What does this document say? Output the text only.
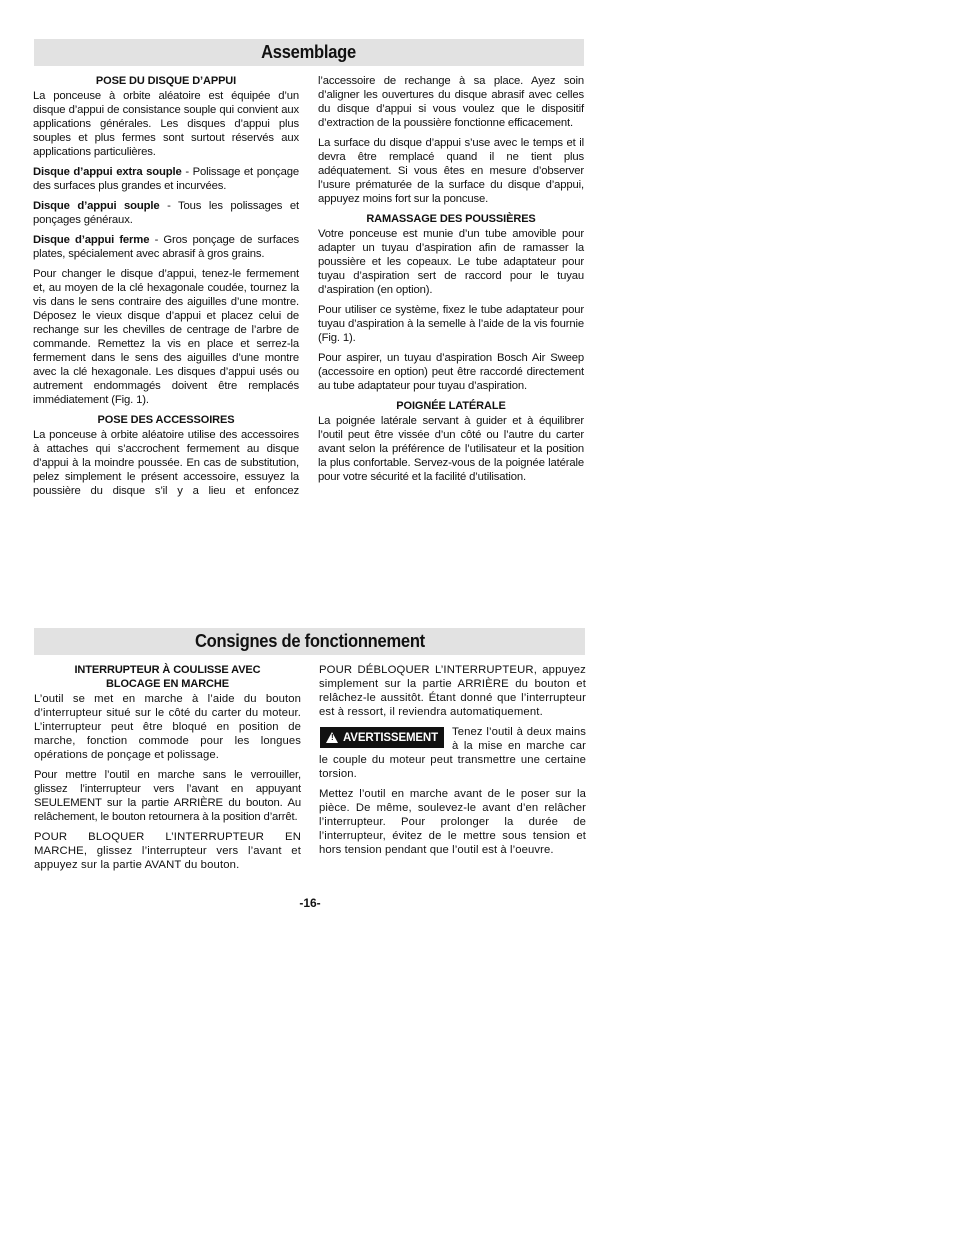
Assemblage
POSE DU DISQUE D’APPUI

La ponceuse à orbite aléatoire est équipée d’un disque d’appui de consistance souple qui convient aux applications générales. Les disques d’appui plus souples et plus fermes sont surtout réservés aux applications particulières.

Disque d’appui extra souple - Polissage et ponçage des surfaces plus grandes et incurvées.

Disque d’appui souple - Tous les polissages et ponçages généraux.

Disque d’appui ferme - Gros ponçage de surfaces plates, spécialement avec abrasif à gros grains.

Pour changer le disque d’appui, tenez-le fermement et, au moyen de la clé hexagonale coudée, tournez la vis dans le sens contraire des aiguilles d’une montre. Déposez le vieux disque d’appui et placez celui de rechange sur les chevilles de centrage de l’arbre de commande. Remettez la vis en place et serrez-la fermement dans le sens des aiguilles d’une montre avec la clé hexagonale. Les disques d’appui usés ou autrement endommagés doivent être remplacés immédiatement (Fig. 1).

POSE DES ACCESSOIRES

La ponceuse à orbite aléatoire utilise des accessoires à attaches qui s’accrochent fermement au disque d’appui à la moindre poussée. En cas de substitution, pelez simplement le présent accessoire, essuyez la poussière du disque s’il y a lieu et enfoncez

l’accessoire de rechange à sa place. Ayez soin d’aligner les ouvertures du disque abrasif avec celles du disque d’appui si vous voulez que le dispositif d’extraction de la poussière fonctionne efficacement.

La surface du disque d’appui s’use avec le temps et il devra être remplacé quand il ne tient plus adéquatement. Si vous êtes en mesure d’observer l’usure prématurée de la surface du disque d’appui, appuyez moins fort sur la poncuse.

RAMASSAGE DES POUSSIÈRES

Votre ponceuse est munie d’un tube amovible pour adapter un tuyau d’aspiration afin de ramasser la poussière et les copeaux. Le tube adaptateur pour tuyau d’aspiration sert de raccord pour le tuyau d’aspiration (en option).

Pour utiliser ce système, fixez le tube adaptateur pour tuyau d’aspiration à la semelle à l’aide de la vis fournie (Fig. 1).

Pour aspirer, un tuyau d’aspiration Bosch Air Sweep (accessoire en option) peut être raccordé directement au tube adaptateur pour tuyau d’aspiration.

POIGNÉE LATÉRALE

La poignée latérale servant à guider et à équilibrer l’outil peut être vissée d’un côté ou l’autre du carter avant selon la préférence de l’utilisateur et la position la plus confortable. Servez-vous de la poignée latérale pour votre sécurité et la facilité d’utilisation.

Consignes de fonctionnement
INTERRUPTEUR À COULISSE AVEC
BLOCAGE EN MARCHE

L’outil se met en marche à l’aide du bouton d’interrupteur situé sur le côté du carter du moteur. L’interrupteur peut être bloqué en position de marche, fonction commode pour les longues opérations de ponçage et polissage.

Pour mettre l’outil en marche sans le verrouiller, glissez l’interrupteur vers l’avant en appuyant SEULEMENT sur la partie ARRIÈRE du bouton. Au relâchement, le bouton retournera à la position d’arrêt.

POUR BLOQUER L’INTERRUPTEUR EN MARCHE, glissez l’interrupteur vers l’avant et appuyez sur la partie AVANT du bouton.

POUR DÉBLOQUER L’INTERRUPTEUR, appuyez simplement sur la partie ARRIÈRE du bouton et relâchez-le aussitôt. Étant donné que l’interrupteur est à ressort, il reviendra automatiquement.

! AVERTISSEMENT Tenez l’outil à deux mains à la mise en marche car le couple du moteur peut transmettre une certaine torsion.

Mettez l’outil en marche avant de le poser sur la pièce. De même, soulevez-le avant d’en relâcher l’interrupteur. Pour prolonger la durée de l’interrupteur, évitez de le mettre sous tension et hors tension pendant que l’outil est à l’oeuvre.

-16-
